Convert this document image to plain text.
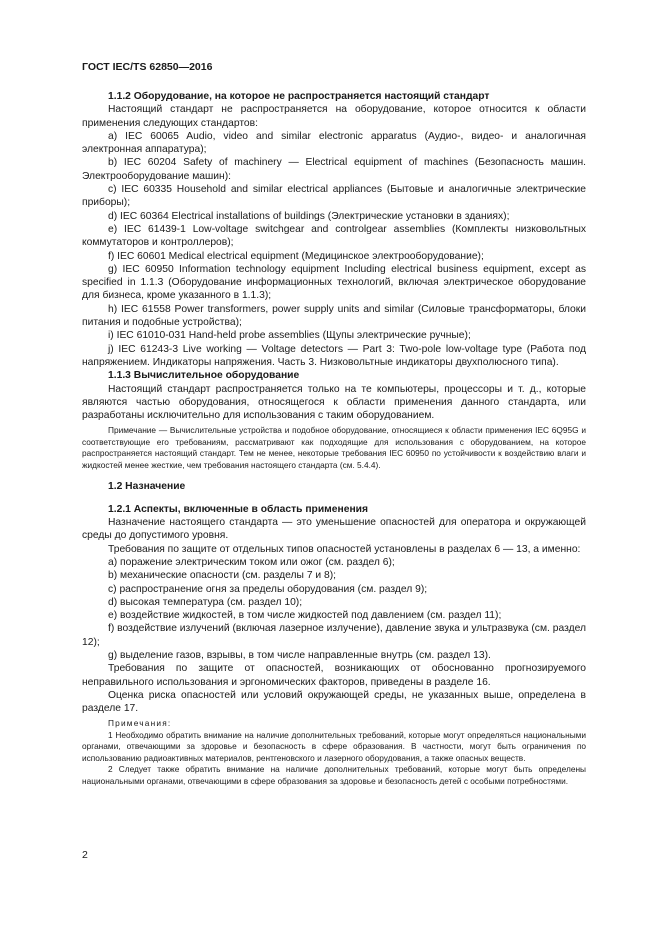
ГОСТ IEC/TS 62850—2016
1.1.2 Оборудование, на которое не распространяется настоящий стандарт
Настоящий стандарт не распространяется на оборудование, которое относится к области применения следующих стандартов:
a) IEC 60065 Audio, video and similar electronic apparatus (Аудио-, видео- и аналогичная электронная аппаратура);
b) IEC 60204 Safety of machinery — Electrical equipment of machines (Безопасность машин. Электрооборудование машин):
c) IEC 60335 Household and similar electrical appliances (Бытовые и аналогичные электрические приборы);
d) IEC 60364 Electrical installations of buildings (Электрические установки в зданиях);
e) IEC 61439-1 Low-voltage switchgear and controlgear assemblies (Комплекты низковольтных коммутаторов и контроллеров);
f) IEC 60601 Medical electrical equipment (Медицинское электрооборудование);
g) IEC 60950 Information technology equipment Including electrical business equipment, except as specified in 1.1.3 (Оборудование информационных технологий, включая электрическое оборудование для бизнеса, кроме указанного в 1.1.3);
h) IEC 61558 Power transformers, power supply units and similar (Силовые трансформаторы, блоки питания и подобные устройства);
i) IEC 61010-031 Hand-held probe assemblies (Щупы электрические ручные);
j) IEC 61243-3 Live working — Voltage detectors — Part 3: Two-pole low-voltage type (Работа под напряжением. Индикаторы напряжения. Часть 3. Низковольтные индикаторы двухполюсного типа).
1.1.3 Вычислительное оборудование
Настоящий стандарт распространяется только на те компьютеры, процессоры и т. д., которые являются частью оборудования, относящегося к области применения данного стандарта, или разработаны исключительно для использования с таким оборудованием.
Примечание — Вычислительные устройства и подобное оборудование, относящиеся к области применения IEC 6Q95G и соответствующие его требованиям, рассматривают как подходящие для использования с оборудованием, на которое распространяется настоящий стандарт. Тем не менее, некоторые требования IEC 60950 по устойчивости к воздействию влаги и жидкостей менее жесткие, чем требования настоящего стандарта (см. 5.4.4).
1.2 Назначение
1.2.1 Аспекты, включенные в область применения
Назначение настоящего стандарта — это уменьшение опасностей для оператора и окружающей среды до допустимого уровня.
Требования по защите от отдельных типов опасностей установлены в разделах 6 — 13, а именно:
a) поражение электрическим током или ожог (см. раздел 6);
b) механические опасности (см. разделы 7 и 8);
c) распространение огня за пределы оборудования (см. раздел 9);
d) высокая температура (см. раздел 10);
e) воздействие жидкостей, в том числе жидкостей под давлением (см. раздел 11);
f) воздействие излучений (включая лазерное излучение), давление звука и ультразвука (см. раздел 12);
g) выделение газов, взрывы, в том числе направленные внутрь (см. раздел 13).
Требования по защите от опасностей, возникающих от обоснованно прогнозируемого неправильного использования и эргономических факторов, приведены в разделе 16.
Оценка риска опасностей или условий окружающей среды, не указанных выше, определена в разделе 17.
Примечания:
1 Необходимо обратить внимание на наличие дополнительных требований, которые могут определяться национальными органами, отвечающими за здоровье и безопасность в сфере образования. В частности, могут быть ограничения по использованию радиоактивных материалов, рентгеновского и лазерного оборудования, а также опасных веществ.
2 Следует также обратить внимание на наличие дополнительных требований, которые могут быть определены национальными органами, отвечающими в сфере образования за здоровье и безопасность детей с особыми потребностями.
2
